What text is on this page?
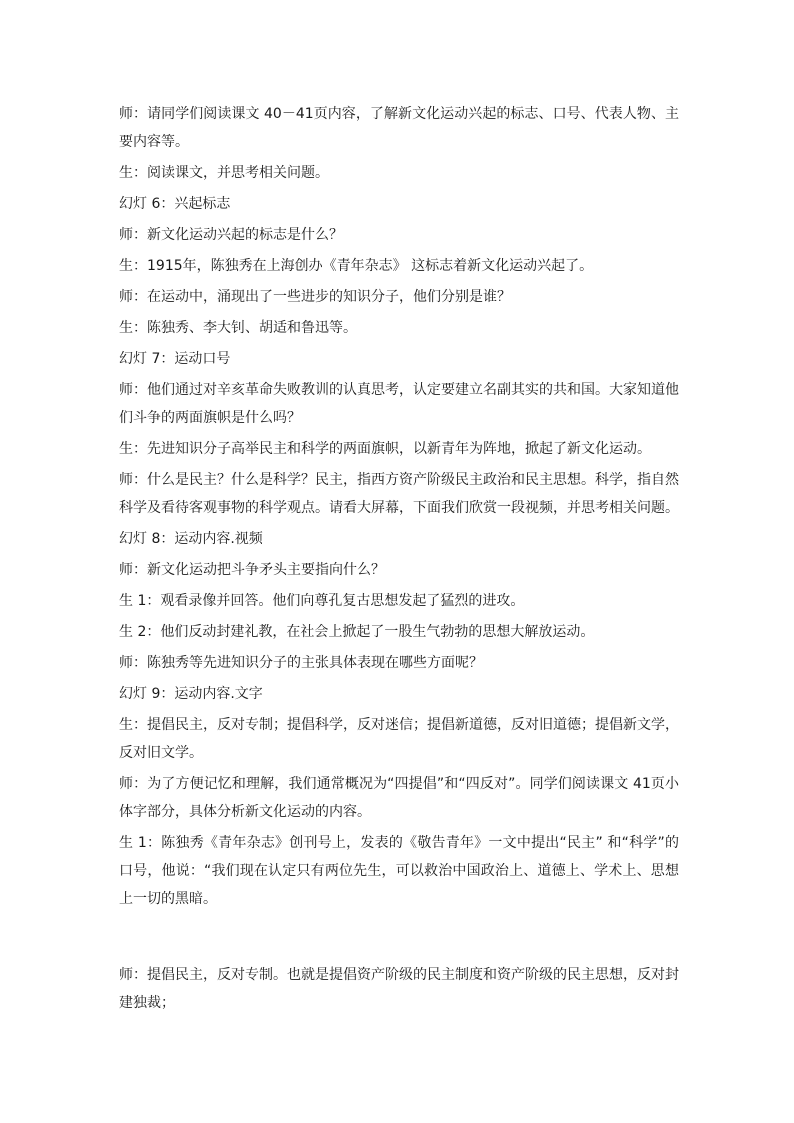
师：请同学们阅读课文 40－41页内容，了解新文化运动兴起的标志、口号、代表人物、主要内容等。

生：阅读课文，并思考相关问题。

幻灯 6：兴起标志

师：新文化运动兴起的标志是什么？

生：1915年，陈独秀在上海创办《青年杂志》 这标志着新文化运动兴起了。

师：在运动中，涌现出了一些进步的知识分子，他们分别是谁？

生：陈独秀、李大钊、胡适和鲁迅等。

幻灯 7：运动口号

师：他们通过对辛亥革命失败教训的认真思考，认定要建立名副其实的共和国。大家知道他们斗争的两面旗帜是什么吗？

生：先进知识分子高举民主和科学的两面旗帜，以新青年为阵地，掀起了新文化运动。

师：什么是民主？什么是科学？民主，指西方资产阶级民主政治和民主思想。科学，指自然科学及看待客观事物的科学观点。请看大屏幕，下面我们欣赏一段视频，并思考相关问题。

幻灯 8：运动内容.视频

师：新文化运动把斗争矛头主要指向什么？

生 1：观看录像并回答。他们向尊孔复古思想发起了猛烈的进攻。

生 2：他们反动封建礼教，在社会上掀起了一股生气勃勃的思想大解放运动。

师：陈独秀等先进知识分子的主张具体表现在哪些方面呢？

幻灯 9：运动内容.文字

生：提倡民主，反对专制；提倡科学，反对迷信；提倡新道德，反对旧道德；提倡新文学，反对旧文学。

师：为了方便记忆和理解，我们通常概况为“四提倡”和“四反对”。同学们阅读课文 41页小体字部分，具体分析新文化运动的内容。

生 1：陈独秀《青年杂志》创刊号上，发表的《敬告青年》一文中提出“民主” 和“科学”的口号，他说：“我们现在认定只有两位先生，可以救治中国政治上、道德上、学术上、思想上一切的黑暗。

师：提倡民主，反对专制。也就是提倡资产阶级的民主制度和资产阶级的民主思想，反对封建独裁；
